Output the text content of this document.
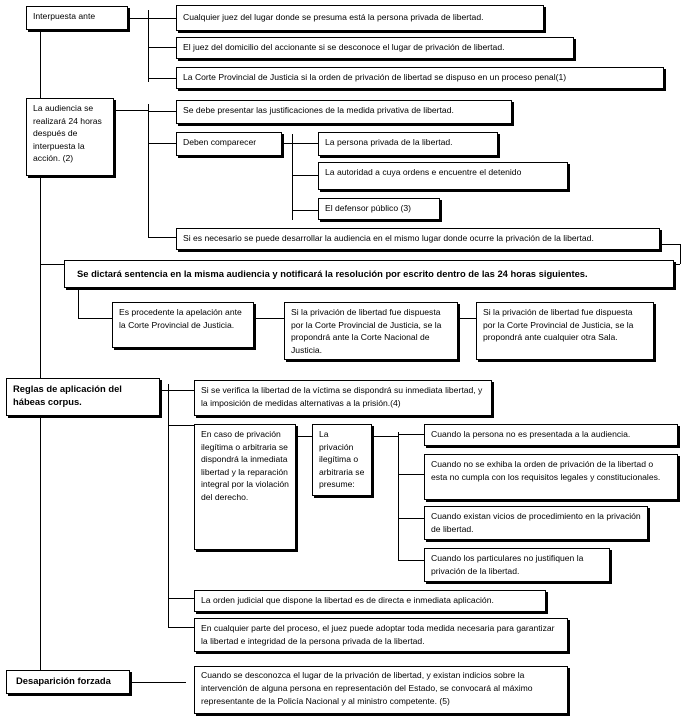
Interpuesta ante	Cualquier juez del lugar donde se presuma está la persona privada de libertad.
El juez del domicilio del accionante si se desconoce el lugar de privación de libertad.
La Corte Provincial de Justicia si la orden de privación de libertad se dispuso en un proceso penal(1)
La audiencia se realizará 24 horas después de interpuesta la acción. (2)
Se debe presentar las justificaciones de la medida privativa de libertad.
Deben comparecer	La persona privada de la libertad.
La autoridad a cuya ordens e encuentre el detenido
El defensor público (3)
Si es necesario se puede desarrollar la audiencia en el mismo lugar donde ocurre la privación de la libertad.
Se dictará sentencia en la misma audiencia y notificará la resolución por escrito dentro de las 24 horas siguientes.
Es procedente la apelación ante la Corte Provincial de Justicia.
Si la privación de libertad fue dispuesta por la Corte Provincial de Justicia, se la propondrá ante la Corte Nacional de Justicia.
Si la privación de libertad fue dispuesta por la Corte Provincial de Justicia, se la propondrá ante cualquier otra Sala.
Reglas de aplicación del hábeas corpus.
Si se verifica la libertad de la víctima se dispondrá su inmediata libertad, y la imposición de medidas alternativas a la prisión.(4)
En caso de privación ilegítima o arbitraria se dispondrá la inmediata libertad y la reparación integral por la violación del derecho.
La privación ilegítima o arbitraria se presume:
Cuando la persona no es presentada a la audiencia.
Cuando no se exhiba la orden de privación de la libertad o esta no cumpla con los requisitos legales y constitucionales.
Cuando existan vicios de procedimiento en la privación de libertad.
Cuando los particulares no justifiquen la privación de la libertad.
La orden judicial que dispone la libertad es de directa e inmediata aplicación.
En cualquier parte del proceso, el juez puede adoptar toda medida necesaria para garantizar la libertad e integridad de la persona privada de la libertad.
Desaparición forzada	Cuando se desconozca el lugar de la privación de libertad, y existan indicios sobre la intervención de alguna persona en representación del Estado, se convocará al máximo representante de la Policía Nacional y al ministro competente. (5)
